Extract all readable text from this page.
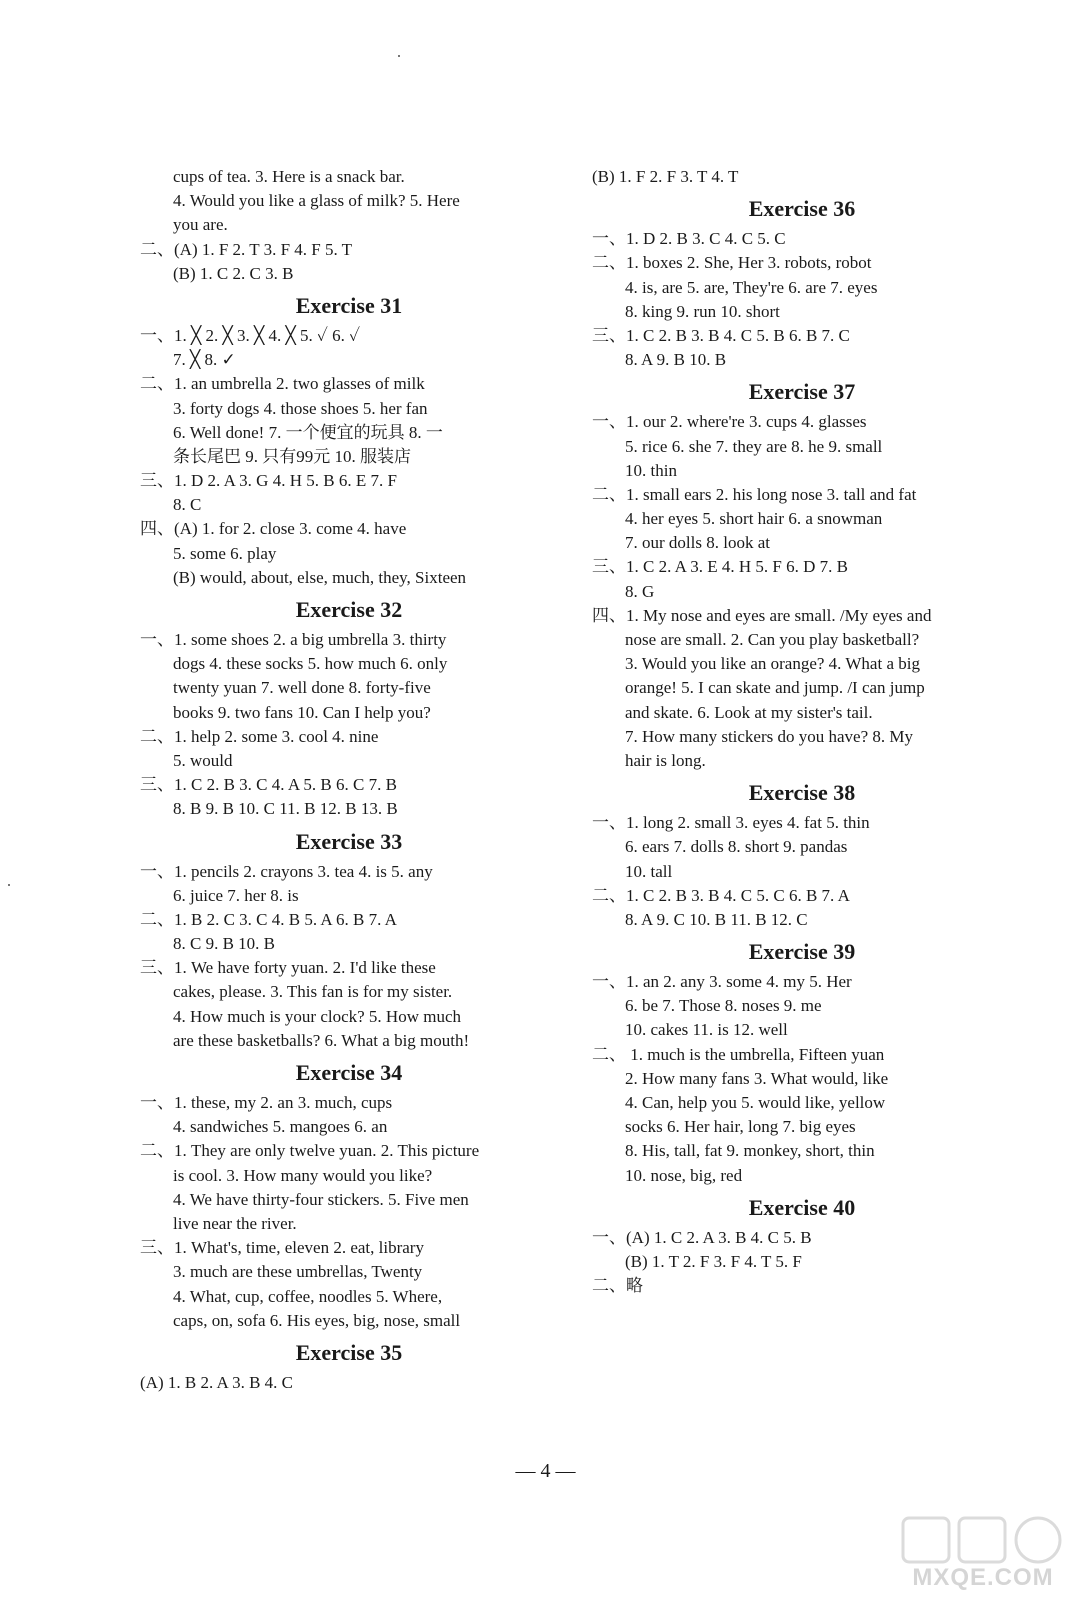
cups of tea. 3. Here is a snack bar.
4. Would you like a glass of milk? 5. Here
you are.
二、(A) 1. F 2. T 3. F 4. F 5. T
(B) 1. C 2. C 3. B
Exercise 31
一、1. ╳ 2. ╳ 3. ╳ 4. ╳ 5. ✓ 6. ✓
7. ╳ 8. ✓
二、1. an umbrella 2. two glasses of milk
3. forty dogs 4. those shoes 5. her fan
6. Well done! 7. 一个便宜的玩具 8. 一
条长尾巴 9. 只有99元 10. 服装店
三、1. D 2. A 3. G 4. H 5. B 6. E 7. F
8. C
四、(A) 1. for 2. close 3. come 4. have
5. some 6. play
(B) would, about, else, much, they, Sixteen
Exercise 32
一、1. some shoes 2. a big umbrella 3. thirty
dogs 4. these socks 5. how much 6. only
twenty yuan 7. well done 8. forty-five
books 9. two fans 10. Can I help you?
二、1. help 2. some 3. cool 4. nine
5. would
三、1. C 2. B 3. C 4. A 5. B 6. C 7. B
8. B 9. B 10. C 11. B 12. B 13. B
Exercise 33
一、1. pencils 2. crayons 3. tea 4. is 5. any
6. juice 7. her 8. is
二、1. B 2. C 3. C 4. B 5. A 6. B 7. A
8. C 9. B 10. B
三、1. We have forty yuan. 2. I'd like these
cakes, please. 3. This fan is for my sister.
4. How much is your clock? 5. How much
are these basketballs? 6. What a big mouth!
Exercise 34
一、1. these, my 2. an 3. much, cups
4. sandwiches 5. mangoes 6. an
二、1. They are only twelve yuan. 2. This picture
is cool. 3. How many would you like?
4. We have thirty-four stickers. 5. Five men
live near the river.
三、1. What's, time, eleven 2. eat, library
3. much are these umbrellas, Twenty
4. What, cup, coffee, noodles 5. Where,
caps, on, sofa 6. His eyes, big, nose, small
Exercise 35
(A) 1. B 2. A 3. B 4. C
(B) 1. F 2. F 3. T 4. T
Exercise 36
一、1. D 2. B 3. C 4. C 5. C
二、1. boxes 2. She, Her 3. robots, robot
4. is, are 5. are, They're 6. are 7. eyes
8. king 9. run 10. short
三、1. C 2. B 3. B 4. C 5. B 6. B 7. C
8. A 9. B 10. B
Exercise 37
一、1. our 2. where're 3. cups 4. glasses
5. rice 6. she 7. they are 8. he 9. small
10. thin
二、1. small ears 2. his long nose 3. tall and fat
4. her eyes 5. short hair 6. a snowman
7. our dolls 8. look at
三、1. C 2. A 3. E 4. H 5. F 6. D 7. B
8. G
四、1. My nose and eyes are small. /My eyes and
nose are small. 2. Can you play basketball?
3. Would you like an orange? 4. What a big
orange! 5. I can skate and jump. /I can jump
and skate. 6. Look at my sister's tail.
7. How many stickers do you have? 8. My
hair is long.
Exercise 38
一、1. long 2. small 3. eyes 4. fat 5. thin
6. ears 7. dolls 8. short 9. pandas
10. tall
二、1. C 2. B 3. B 4. C 5. C 6. B 7. A
8. A 9. C 10. B 11. B 12. C
Exercise 39
一、1. an 2. any 3. some 4. my 5. Her
6. be 7. Those 8. noses 9. me
10. cakes 11. is 12. well
二、 1. much is the umbrella, Fifteen yuan
2. How many fans 3. What would, like
4. Can, help you 5. would like, yellow
socks 6. Her hair, long 7. big eyes
8. His, tall, fat 9. monkey, short, thin
10. nose, big, red
Exercise 40
一、(A) 1. C 2. A 3. B 4. C 5. B
(B) 1. T 2. F 3. F 4. T 5. F
二、略
— 4 —
MXQE.COM
